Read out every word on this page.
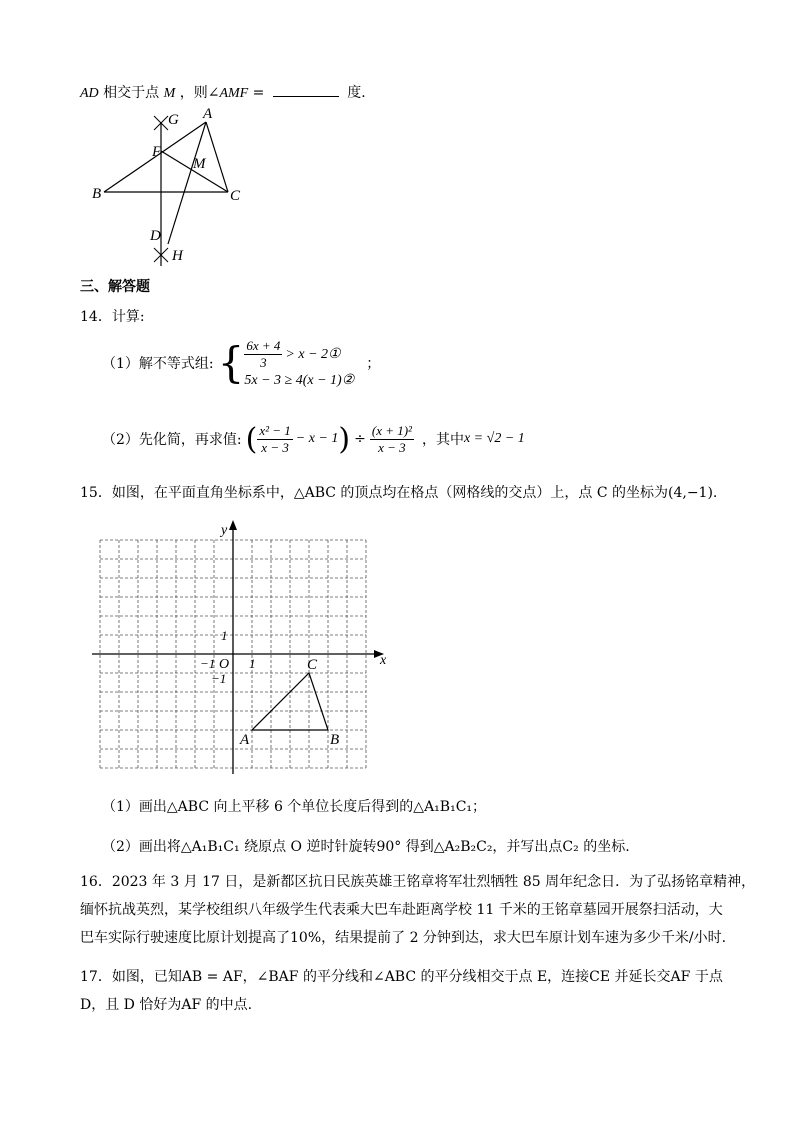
AD 相交于点 M ，则∠AMF =	度.
G A
F
M
B	C
D
H
三、解答题
14．计算:
（1）解不等式组: { $\frac{6x + 4}{3} > x$ − 2①
5x − 3 ≥ 4(x − 1)②
；
（2）先化简，再求值: ( $\frac{\text{x² − 1}}{x - 3} - x - 1$ ) ÷ $\frac{\text{(x + 1)²}}{x - 3}$ ，其中 x = √2 − 1
15．如图，在平面直角坐标系中，△ABC 的顶点均在格点（网格线的交点）上，点 C 的坐标为(4,−1).
x
y
O 1
−1
1
−1
A	B
C
（1）画出△ABC 向上平移 6 个单位长度后得到的△A₁B₁C₁；
（2）画出将△A₁B₁C₁ 绕原点 O 逆时针旋转90° 得到△A₂B₂C₂，并写出点C₂ 的坐标.
16．2023 年 3 月 17 日，是新都区抗日民族英雄王铭章将军壮烈牺牲 85 周年纪念日．为了弘扬铭章精神，
缅怀抗战英烈，某学校组织八年级学生代表乘大巴车赴距离学校 11 千米的王铭章墓园开展祭扫活动，大
巴车实际行驶速度比原计划提高了10%，结果提前了 2 分钟到达，求大巴车原计划车速为多少千米/小时.
17．如图，已知AB = AF，∠BAF 的平分线和∠ABC 的平分线相交于点 E，连接CE 并延长交AF 于点
D，且 D 恰好为AF 的中点.
